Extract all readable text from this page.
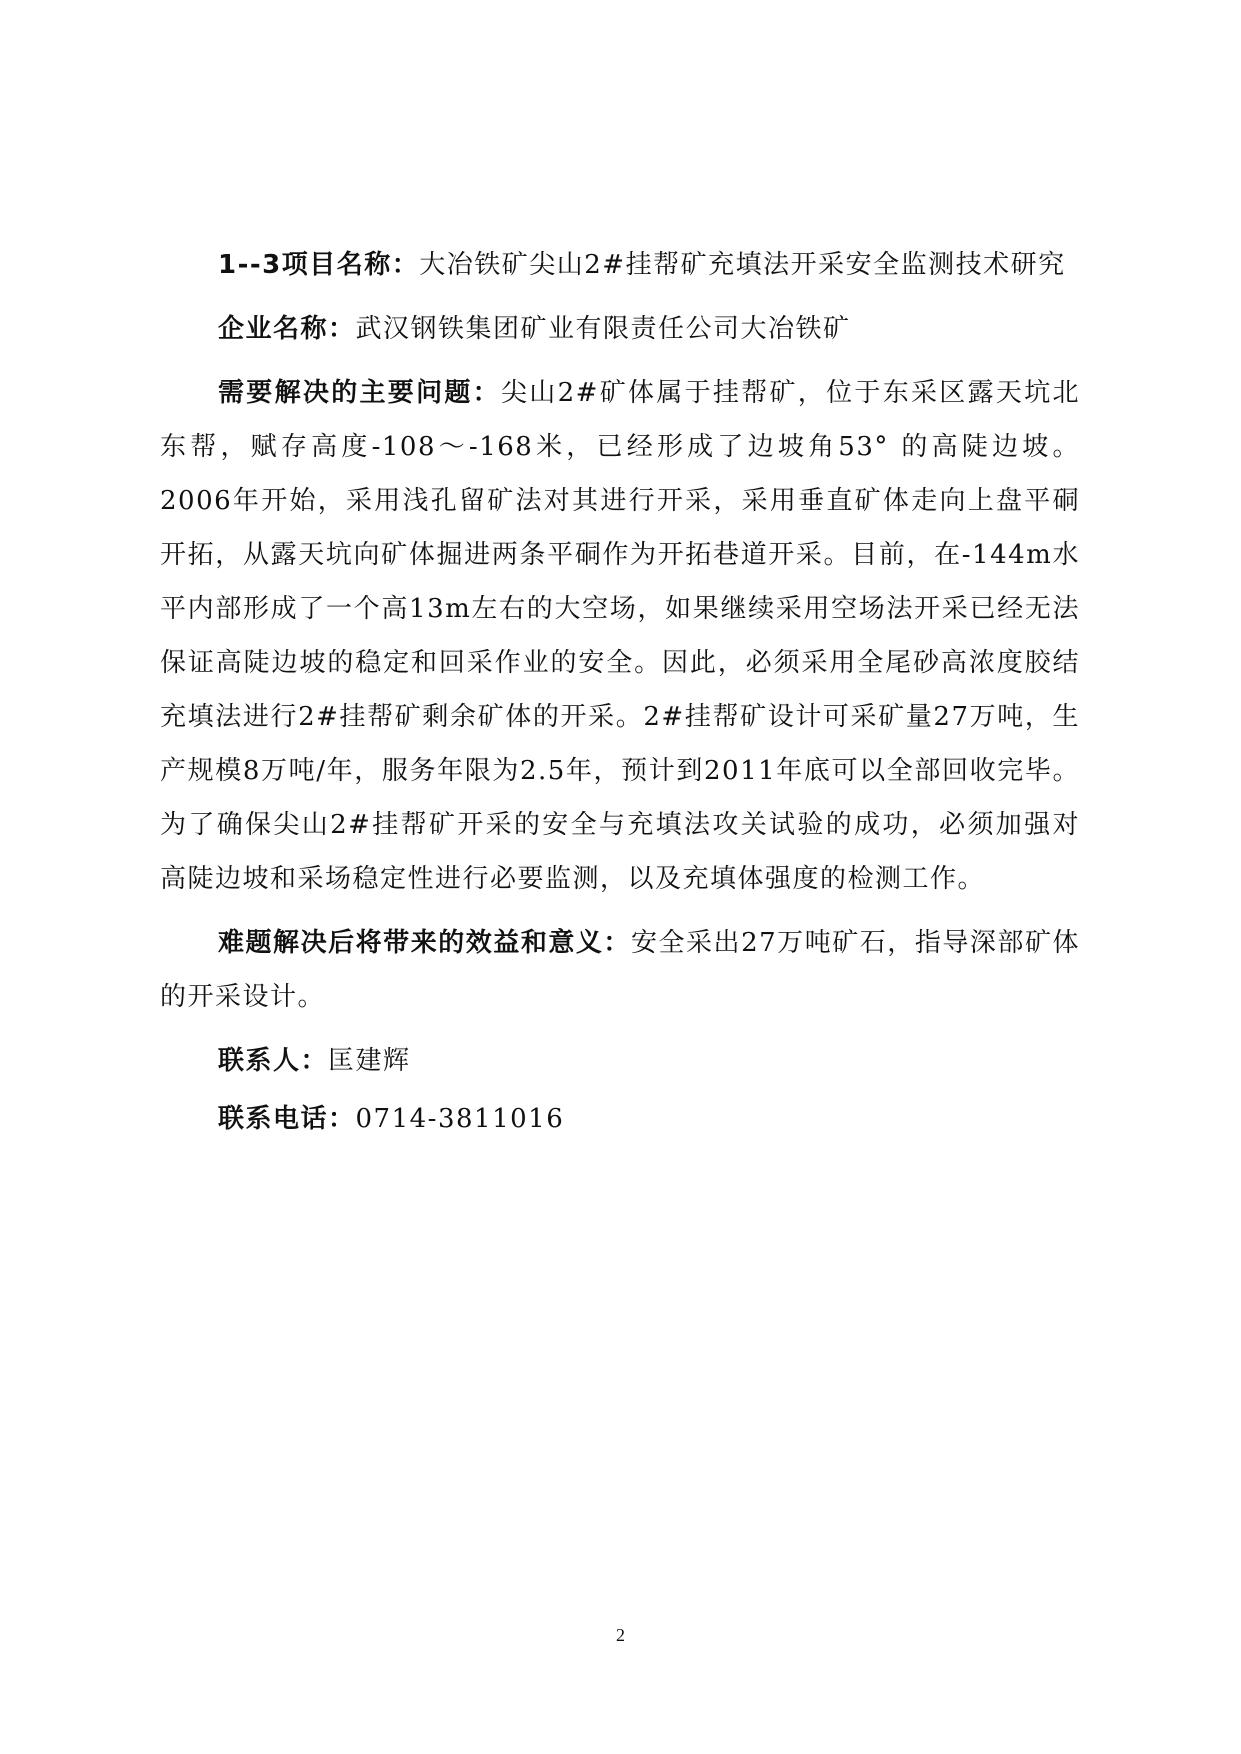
1--3项目名称：大冶铁矿尖山2#挂帮矿充填法开采安全监测技术研究

企业名称：武汉钢铁集团矿业有限责任公司大冶铁矿

需要解决的主要问题：尖山2#矿体属于挂帮矿，位于东采区露天坑北东帮，赋存高度-108～-168米，已经形成了边坡角53° 的高陡边坡。2006年开始，采用浅孔留矿法对其进行开采，采用垂直矿体走向上盘平硐开拓，从露天坑向矿体掘进两条平硐作为开拓巷道开采。目前，在-144m水平内部形成了一个高13m左右的大空场，如果继续采用空场法开采已经无法保证高陡边坡的稳定和回采作业的安全。因此，必须采用全尾砂高浓度胶结充填法进行2#挂帮矿剩余矿体的开采。2#挂帮矿设计可采矿量27万吨，生产规模8万吨/年，服务年限为2.5年，预计到2011年底可以全部回收完毕。为了确保尖山2#挂帮矿开采的安全与充填法攻关试验的成功，必须加强对高陡边坡和采场稳定性进行必要监测，以及充填体强度的检测工作。

难题解决后将带来的效益和意义：安全采出27万吨矿石，指导深部矿体的开采设计。

联系人：匡建辉

联系电话：0714-3811016

2
